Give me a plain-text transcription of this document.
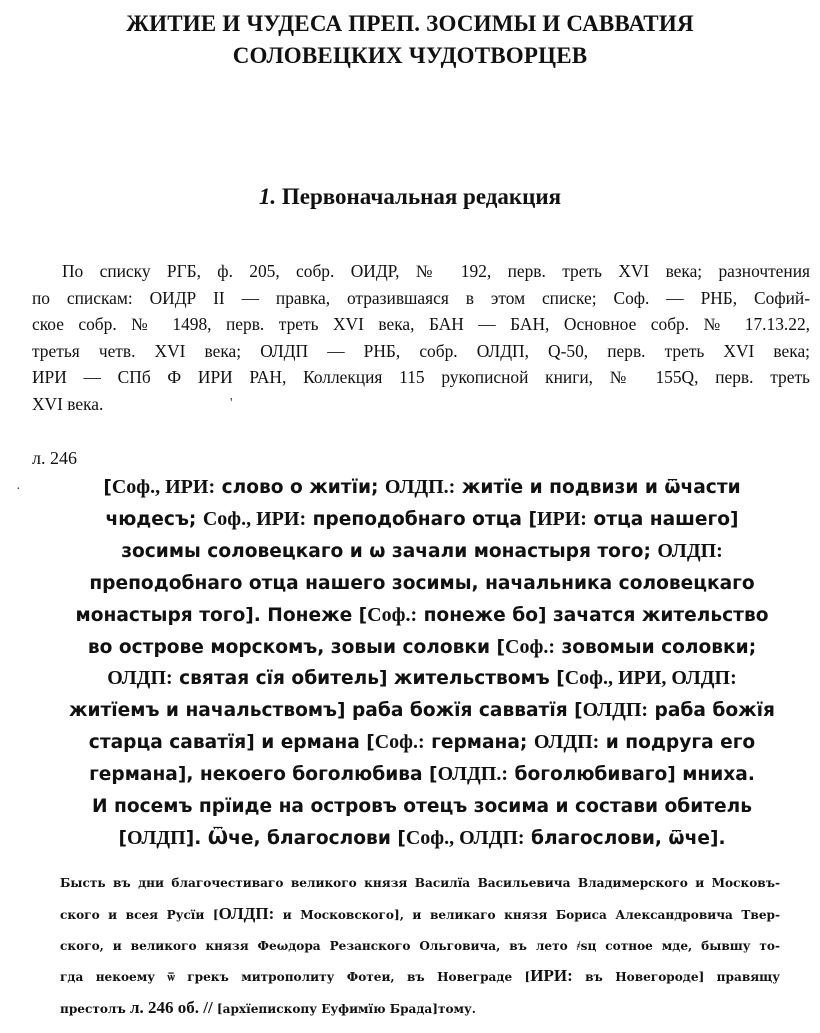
ЖИТИЕ И ЧУДЕСА ПРЕП. ЗОСИМЫ И САВВАТИЯ
СОЛОВЕЦКИХ ЧУДОТВОРЦЕВ
1. Первоначальная редакция
По списку РГБ, ф. 205, собр. ОИДР, № 192, перв. треть XVI века; разночтения
по спискам: ОИДР II — правка, отразившаяся в этом списке; Соф. — РНБ, Софий-
ское собр. № 1498, перв. треть XVI века, БАН — БАН, Основное собр. № 17.13.22,
третья четв. XVI века; ОЛДП — РНБ, собр. ОЛДП, Q-50, перв. треть XVI века;
ИРИ — СПб Ф ИРИ РАН, Коллекция 115 рукописной книги, № 155Q, перв. треть
XVI века.	'
·
л. 246
[Соф., ИРИ: слово о житїи; ОЛДП.: житїе и подвизи и ѿчасти
чюдесъ; Соф., ИРИ: преподобнаго отца [ИРИ: отца нашего]
зосимы соловецкаго и ѡ зачали монастыря того; ОЛДП:
преподобнаго отца нашего зосимы, начальника соловецкаго
монастыря того]. Понеже [Соф.: понеже бо] зачатся жительство
во острове морскомъ, зовыи соловки [Соф.: зовомыи соловки;
ОЛДП: святая сїя обитель] жительствомъ [Соф., ИРИ, ОЛДП:
житїемъ и начальствомъ] раба божїя савватїя [ОЛДП: раба божїя
старца саватїя] и ермана [Соф.: германа; ОЛДП: и подруга его
германа], некоего боголюбива [ОЛДП.: боголюбиваго] мниха.
И посемъ прїиде на островъ отецъ зосима и состави обитель
[ОЛДП]. Ѿче, благослови [Соф., ОЛДП: благослови, ѿче].
Бысть въ дни благочестиваго великого князя Василїа Васильевича Владимерского и Московъ-
ского и всея Русїи [ОЛДП: и Московского], и великаго князя Бориса Александровича Твер-
ского, и великого князя Феωдора Резанского Ольговича, въ лето ҂ѕц сотное мде, бывшу то-
гда некоему ѿ грекъ митрополиту Фотеи, въ Новеграде [ИРИ: въ Новегороде] правящу
престолъ л. 246 об. // [архїепископу Еуфимїю Брада]тому.
